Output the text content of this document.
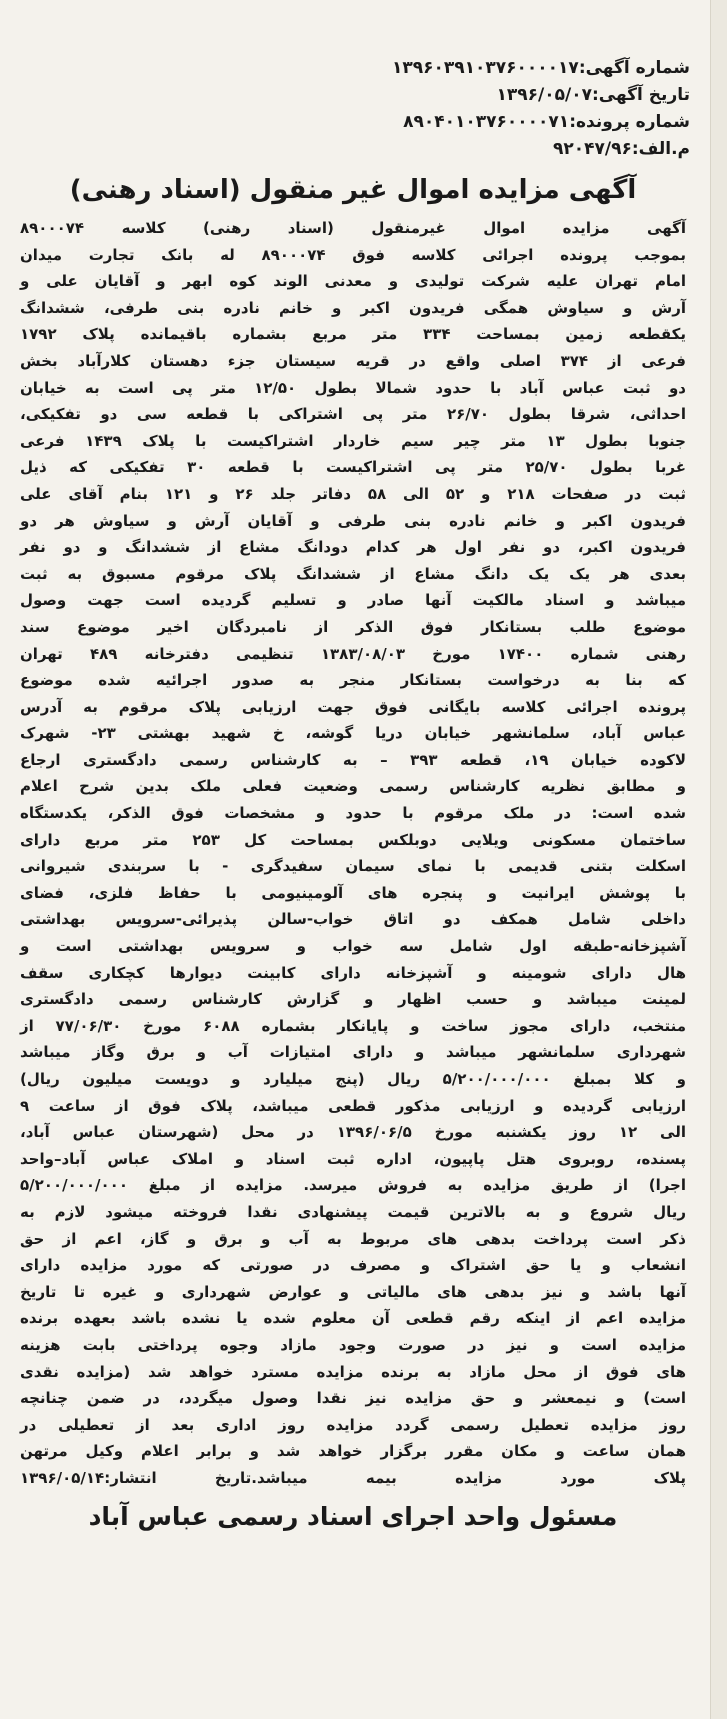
شماره آگهی:۱۳۹۶۰۳۹۱۰۳۷۶۰۰۰۰۱۷
تاریخ آگهی:۱۳۹۶/۰۵/۰۷
شماره پرونده:۸۹۰۴۰۱۰۳۷۶۰۰۰۰۷۱
م.الف:۹۲۰۴۷/۹۶
آگهی مزایده اموال غیر منقول (اسناد رهنی)
آگهی مزایده اموال غیرمنقول (اسناد رهنی) کلاسه ۸۹۰۰۰۷۴
بموجب پرونده اجرائی کلاسه فوق ۸۹۰۰۰۷۴ له بانک تجارت میدان
امام تهران علیه شرکت تولیدی و معدنی الوند کوه ابهر و آقایان علی و
آرش و سیاوش همگی فریدون اکبر و خانم نادره بنی طرفی، ششدانگ
یکقطعه زمین بمساحت ۳۳۴ متر مربع بشماره باقیمانده پلاک ۱۷۹۲
فرعی از ۳۷۴ اصلی واقع در قریه سیستان جزء دهستان کلارآباد بخش
دو ثبت عباس آباد با حدود شمالا بطول ۱۲/۵۰ متر پی است به خیابان
احداثی، شرقا بطول ۲۶/۷۰ متر پی اشتراکی با قطعه سی دو تفکیکی،
جنوبا بطول ۱۳ متر چیر سیم خاردار اشتراکیست با پلاک ۱۴۳۹ فرعی
غربا بطول ۲۵/۷۰ متر پی اشتراکیست با قطعه ۳۰ تفکیکی که ذیل
ثبت در صفحات ۲۱۸ و ۵۲ الی ۵۸ دفاتر جلد ۲۶ و ۱۲۱ بنام آقای علی
فریدون اکبر و خانم نادره بنی طرفی و آقایان آرش و سیاوش هر دو
فریدون اکبر، دو نفر اول هر کدام دودانگ مشاع از ششدانگ و دو نفر
بعدی هر یک یک دانگ مشاع از ششدانگ پلاک مرقوم مسبوق به ثبت
میباشد و اسناد مالکیت آنها صادر و تسلیم گردیده است جهت وصول
موضوع طلب بستانکار فوق الذکر از نامبردگان اخیر موضوع سند
رهنی شماره ۱۷۴۰۰ مورخ ۱۳۸۳/۰۸/۰۳ تنظیمی دفترخانه ۴۸۹ تهران
که بنا به درخواست بستانکار منجر به صدور اجرائیه شده موضوع
پرونده اجرائی کلاسه بایگانی فوق جهت ارزیابی پلاک مرقوم به آدرس
عباس آباد، سلمانشهر خیابان دریا گوشه، خ شهید بهشتی ۲۳- شهرک
لاکوده خیابان ۱۹، قطعه ۳۹۳ – به کارشناس رسمی دادگستری ارجاع
و مطابق نظریه کارشناس رسمی وضعیت فعلی ملک بدین شرح اعلام
شده است: در ملک مرقوم با حدود و مشخصات فوق الذکر، یکدستگاه
ساختمان مسکونی ویلایی دوبلکس بمساحت کل ۲۵۳ متر مربع دارای
اسکلت بتنی قدیمی با نمای سیمان سفیدگری - با سربندی شیروانی
با پوشش ایرانیت و پنجره های آلومینیومی با حفاظ فلزی، فضای
داخلی شامل همکف دو اتاق خواب-سالن پذیرائی-سرویس بهداشتی
آشپزخانه-طبقه اول شامل سه خواب و سرویس بهداشتی است و
هال دارای شومینه و آشپزخانه دارای کابینت دیوارها کچکاری سقف
لمینت میباشد و حسب اظهار و گزارش کارشناس رسمی دادگستری
منتخب، دارای مجوز ساخت و پایانکار بشماره ۶۰۸۸ مورخ ۷۷/۰۶/۳۰ از
شهرداری سلمانشهر میباشد و دارای امتیازات آب و برق وگاز میباشد
و کلا بمبلغ ۵/۲۰۰/۰۰۰/۰۰۰ ریال (پنج میلیارد و دویست میلیون ریال)
ارزیابی گردیده و ارزیابی مذکور قطعی میباشد، پلاک فوق از ساعت ۹
الی ۱۲ روز یکشنبه مورخ ۱۳۹۶/۰۶/۵ در محل (شهرستان عباس آباد،
پسنده، روبروی هتل پاپیون، اداره ثبت اسناد و املاک عباس آباد–واحد
اجرا) از طریق مزایده به فروش میرسد. مزایده از مبلغ ۵/۲۰۰/۰۰۰/۰۰۰
ریال شروع و به بالاترین قیمت پیشنهادی نقدا فروخته میشود لازم به
ذکر است پرداخت بدهی های مربوط به آب و برق و گاز، اعم از حق
انشعاب و یا حق اشتراک و مصرف در صورتی که مورد مزایده دارای
آنها باشد و نیز بدهی های مالیاتی و عوارض شهرداری و غیره تا تاریخ
مزایده اعم از اینکه رقم قطعی آن معلوم شده یا نشده باشد بعهده برنده
مزایده است و نیز در صورت وجود مازاد وجوه پرداختی بابت هزینه
های فوق از محل مازاد به برنده مزایده مسترد خواهد شد (مزایده نقدی
است) و نیمعشر و حق مزایده نیز نقدا وصول میگردد، در ضمن چنانچه
روز مزایده تعطیل رسمی گردد مزایده روز اداری بعد از تعطیلی در
همان ساعت و مکان مقرر برگزار خواهد شد و برابر اعلام وکیل مرتهن
پلاک مورد مزایده بیمه میباشد.تاریخ انتشار:۱۳۹۶/۰۵/۱۴
مسئول واحد اجرای اسناد رسمی عباس آباد
